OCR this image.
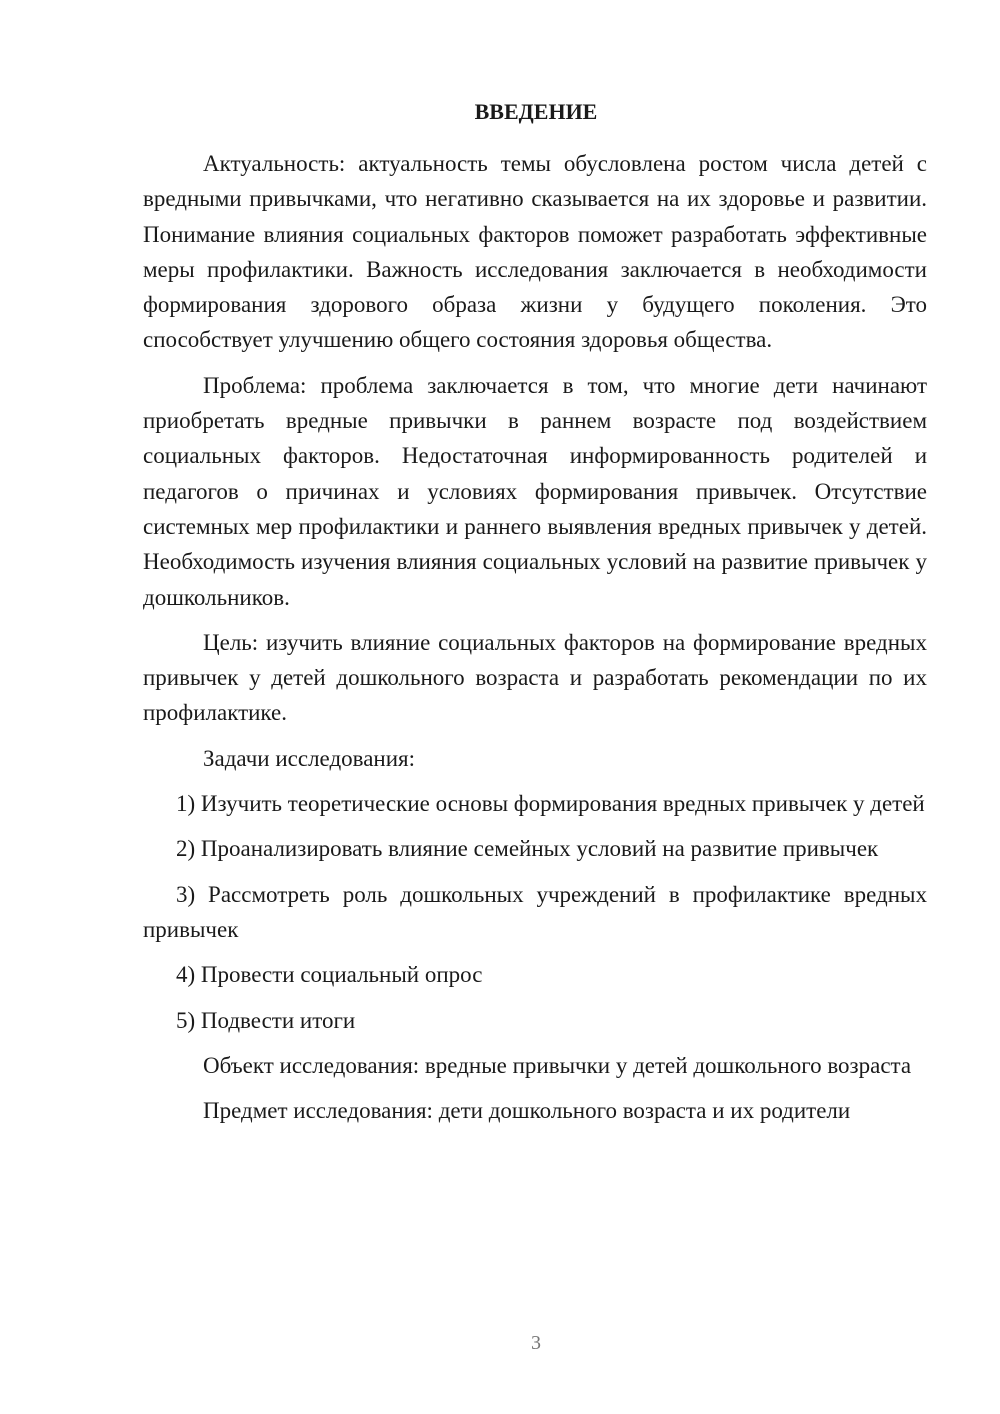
ВВЕДЕНИЕ

Актуальность: актуальность темы обусловлена ростом числа детей с вредными привычками, что негативно сказывается на их здоровье и развитии. Понимание влияния социальных факторов поможет разработать эффективные меры профилактики. Важность исследования заключается в необходимости формирования здорового образа жизни у будущего поколения. Это способствует улучшению общего состояния здоровья общества.

Проблема: проблема заключается в том, что многие дети начинают приобретать вредные привычки в раннем возрасте под воздействием социальных факторов. Недостаточная информированность родителей и педагогов о причинах и условиях формирования привычек. Отсутствие системных мер профилактики и раннего выявления вредных привычек у детей. Необходимость изучения влияния социальных условий на развитие привычек у дошкольников.

Цель: изучить влияние социальных факторов на формирование вредных привычек у детей дошкольного возраста и разработать рекомендации по их профилактике.

Задачи исследования:

1) Изучить теоретические основы формирования вредных привычек у детей

2) Проанализировать влияние семейных условий на развитие привычек

3) Рассмотреть роль дошкольных учреждений в профилактике вредных привычек

4) Провести социальный опрос

5) Подвести итоги

Объект исследования: вредные привычки у детей дошкольного возраста

Предмет исследования: дети дошкольного возраста и их родители

3
